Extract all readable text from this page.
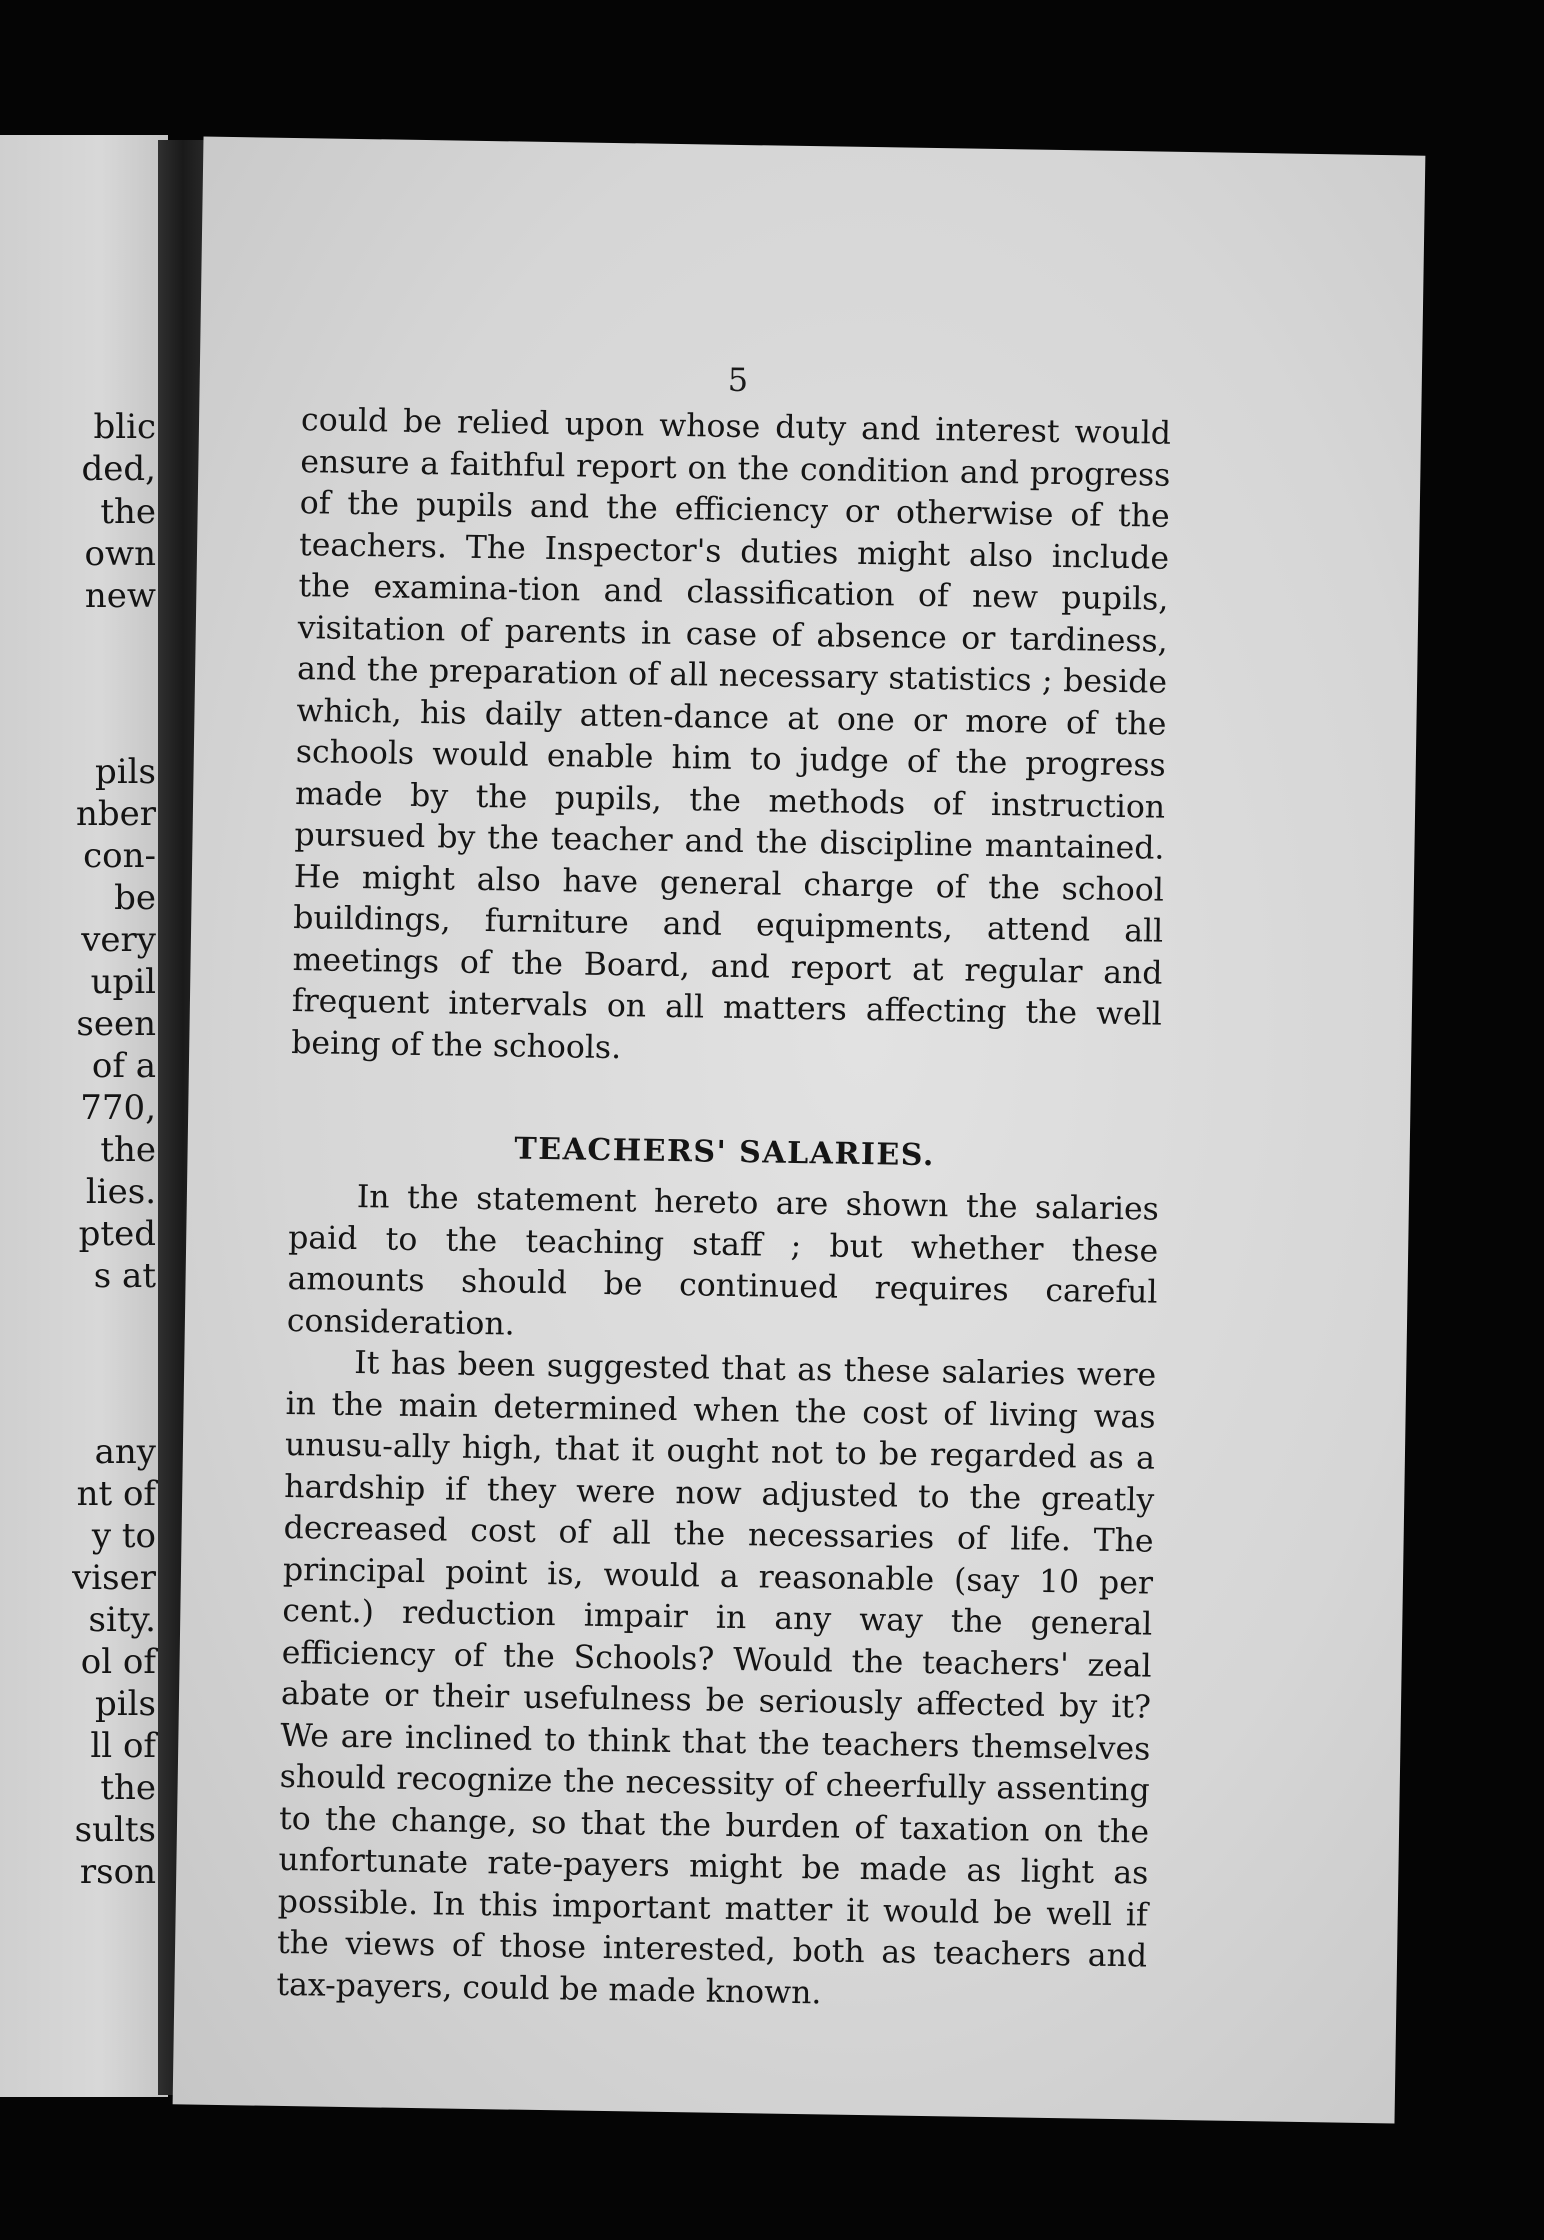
blic

ded,

the

own

new

pils

nber

con-

be

very

upil

seen

of a

770,

the

lies.

pted

s at

any

nt of

y to

viser

sity.

ol of

pils

ll of

the

sults

rson

5

could be relied upon whose duty and interest would ensure a faithful report on the condition and progress of the pupils and the efficiency or otherwise of the teachers. The Inspector's duties might also include the examina-tion and classification of new pupils, visitation of parents in case of absence or tardiness, and the preparation of all necessary statistics ; beside which, his daily atten-dance at one or more of the schools would enable him to judge of the progress made by the pupils, the methods of instruction pursued by the teacher and the discipline mantained. He might also have general charge of the school buildings, furniture and equipments, attend all meetings of the Board, and report at regular and frequent intervals on all matters affecting the well being of the schools.

TEACHERS' SALARIES.

In the statement hereto are shown the salaries paid to the teaching staff ; but whether these amounts should be continued requires careful consideration.

It has been suggested that as these salaries were in the main determined when the cost of living was unusu-ally high, that it ought not to be regarded as a hardship if they were now adjusted to the greatly decreased cost of all the necessaries of life. The principal point is, would a reasonable (say 10 per cent.) reduction impair in any way the general efficiency of the Schools? Would the teachers' zeal abate or their usefulness be seriously affected by it? We are inclined to think that the teachers themselves should recognize the necessity of cheerfully assenting to the change, so that the burden of taxation on the unfortunate rate-payers might be made as light as possible. In this important matter it would be well if the views of those interested, both as teachers and tax-payers, could be made known.
